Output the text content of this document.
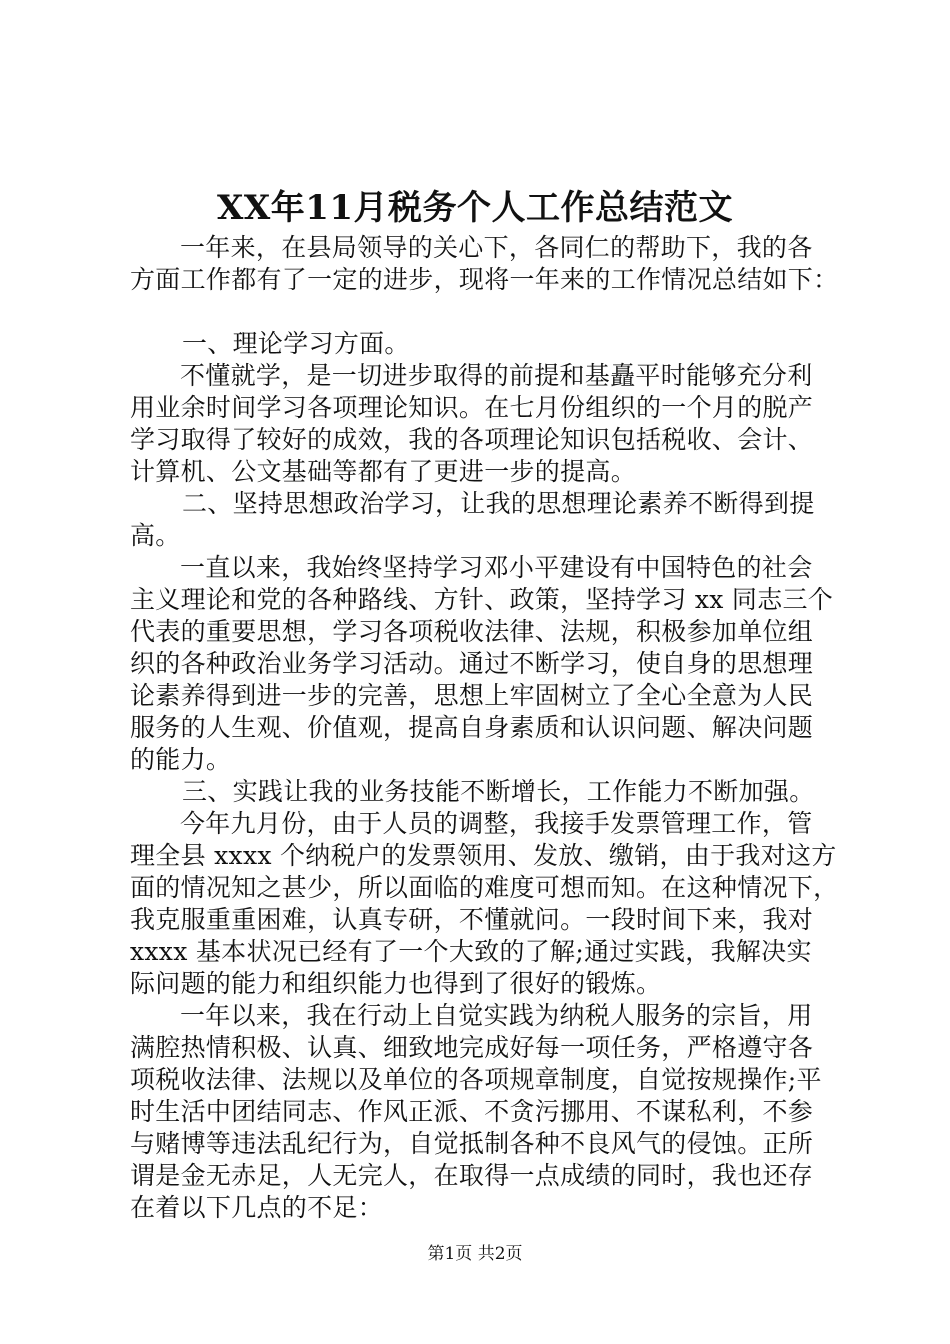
XX年11月税务个人工作总结范文
一年来，在县局领导的关心下，各同仁的帮助下，我的各
方面工作都有了一定的进步，现将一年来的工作情况总结如下：
一、理论学习方面。
不懂就学，是一切进步取得的前提和基矗平时能够充分利
用业余时间学习各项理论知识。在七月份组织的一个月的脱产
学习取得了较好的成效，我的各项理论知识包括税收、会计、
计算机、公文基础等都有了更进一步的提高。
二、坚持思想政治学习，让我的思想理论素养不断得到提
高。
一直以来，我始终坚持学习邓小平建设有中国特色的社会
主义理论和党的各种路线、方针、政策，坚持学习 xx 同志三个
代表的重要思想，学习各项税收法律、法规，积极参加单位组
织的各种政治业务学习活动。通过不断学习，使自身的思想理
论素养得到进一步的完善，思想上牢固树立了全心全意为人民
服务的人生观、价值观，提高自身素质和认识问题、解决问题
的能力。
三、实践让我的业务技能不断增长，工作能力不断加强。
今年九月份，由于人员的调整，我接手发票管理工作，管
理全县 xxxx 个纳税户的发票领用、发放、缴销，由于我对这方
面的情况知之甚少，所以面临的难度可想而知。在这种情况下，
我克服重重困难，认真专研，不懂就问。一段时间下来，我对
xxxx 基本状况已经有了一个大致的了解;通过实践，我解决实
际问题的能力和组织能力也得到了很好的锻炼。
一年以来，我在行动上自觉实践为纳税人服务的宗旨，用
满腔热情积极、认真、细致地完成好每一项任务，严格遵守各
项税收法律、法规以及单位的各项规章制度，自觉按规操作;平
时生活中团结同志、作风正派、不贪污挪用、不谋私利，不参
与赌博等违法乱纪行为，自觉抵制各种不良风气的侵蚀。正所
谓是金无赤足，人无完人，在取得一点成绩的同时，我也还存
在着以下几点的不足：
第1页 共2页
